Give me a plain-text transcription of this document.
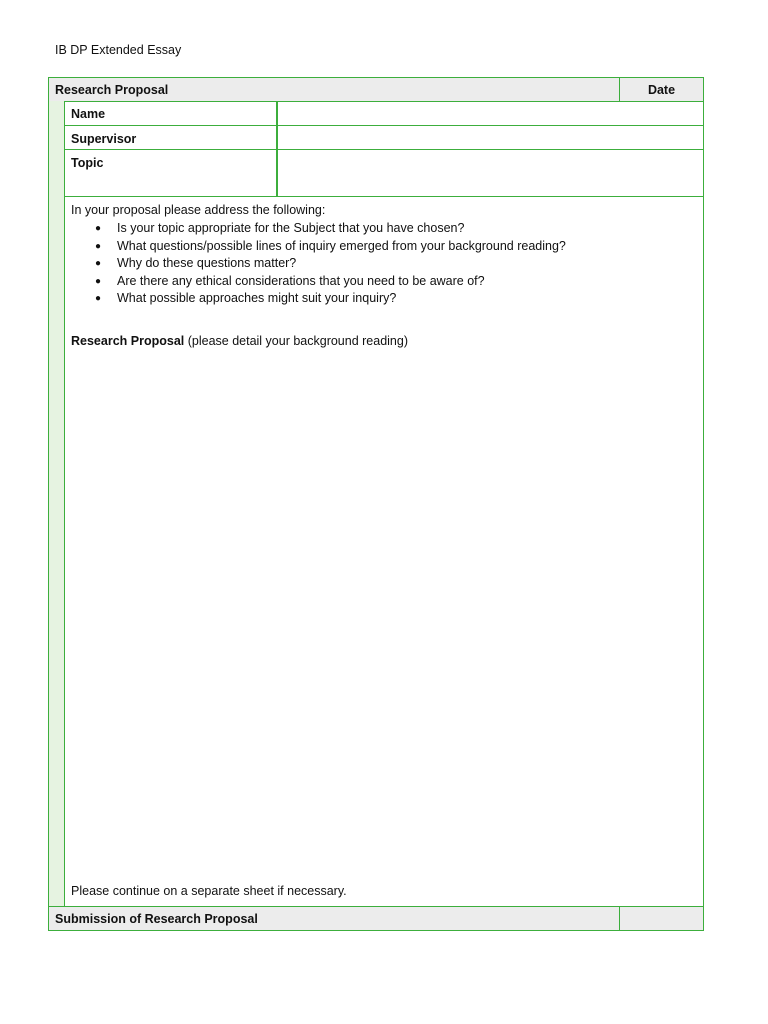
IB DP Extended Essay
Research Proposal	Date
Name
Supervisor
Topic

In your proposal please address the following:

● Is your topic appropriate for the Subject that you have chosen?
● What questions/possible lines of inquiry emerged from your background reading?
● Why do these questions matter?
● Are there any ethical considerations that you need to be aware of?
● What possible approaches might suit your inquiry?
Research Proposal (please detail your background reading)
Please continue on a separate sheet if necessary.
Submission of Research Proposal
